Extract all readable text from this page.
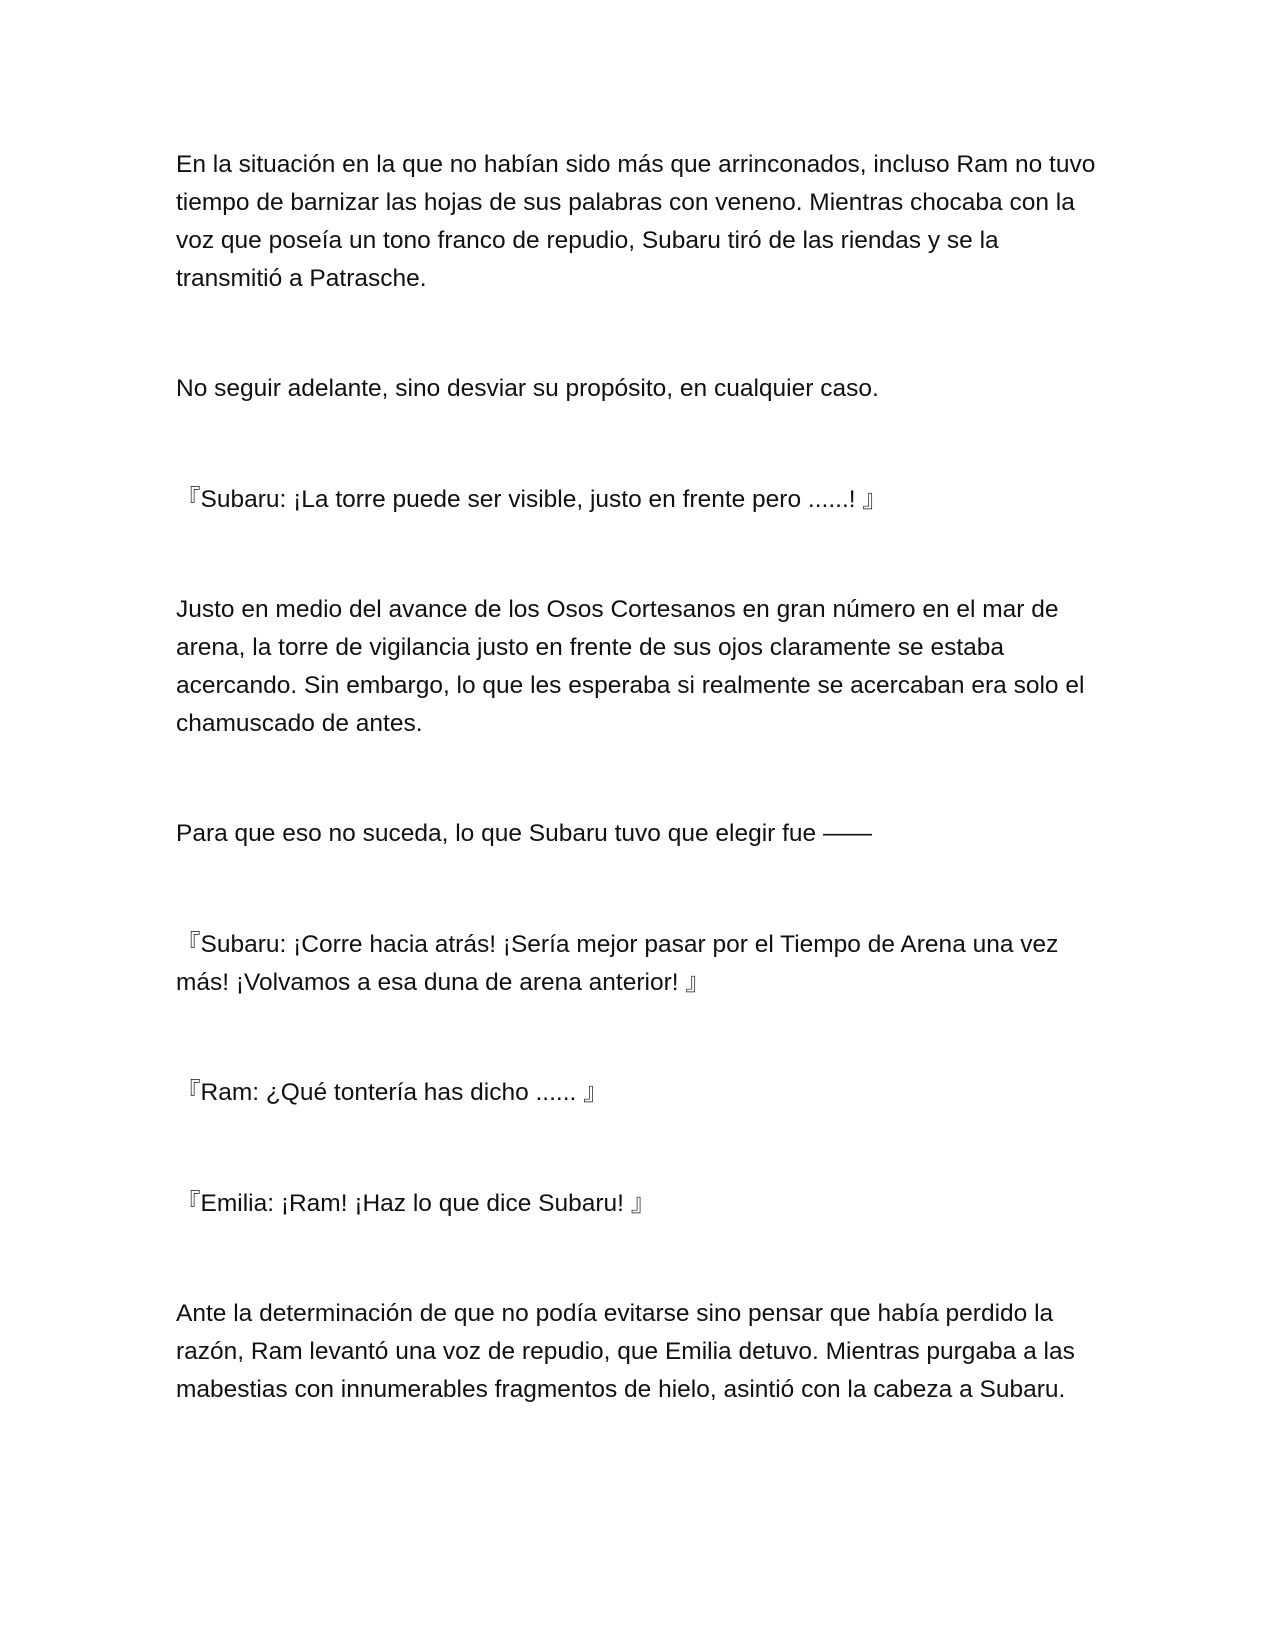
En la situación en la que no habían sido más que arrinconados, incluso Ram no tuvo tiempo de barnizar las hojas de sus palabras con veneno. Mientras chocaba con la voz que poseía un tono franco de repudio, Subaru tiró de las riendas y se la transmitió a Patrasche.

No seguir adelante, sino desviar su propósito, en cualquier caso.

『Subaru: ¡La torre puede ser visible, justo en frente pero ......! 』

Justo en medio del avance de los Osos Cortesanos en gran número en el mar de arena, la torre de vigilancia justo en frente de sus ojos claramente se estaba acercando. Sin embargo, lo que les esperaba si realmente se acercaban era solo el chamuscado de antes.

Para que eso no suceda, lo que Subaru tuvo que elegir fue ——

『Subaru: ¡Corre hacia atrás! ¡Sería mejor pasar por el Tiempo de Arena una vez más! ¡Volvamos a esa duna de arena anterior! 』

『Ram: ¿Qué tontería has dicho ...... 』

『Emilia: ¡Ram! ¡Haz lo que dice Subaru! 』

Ante la determinación de que no podía evitarse sino pensar que había perdido la razón, Ram levantó una voz de repudio, que Emilia detuvo. Mientras purgaba a las mabestias con innumerables fragmentos de hielo, asintió con la cabeza a Subaru.
